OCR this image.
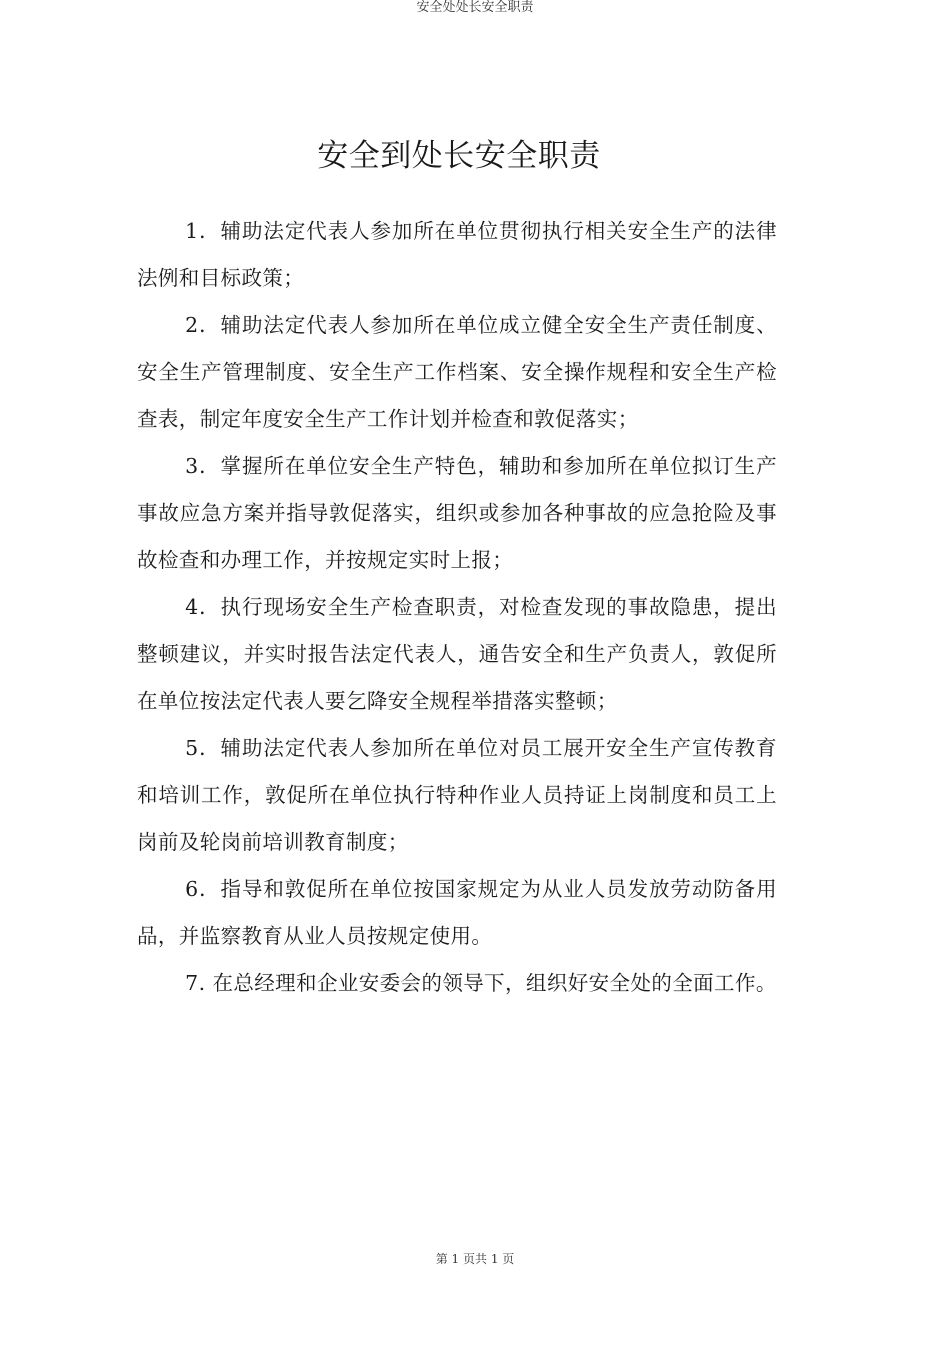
安全处处长安全职责
安全到处长安全职责

1．辅助法定代表人参加所在单位贯彻执行相关安全生产的法律法例和目标政策；

2．辅助法定代表人参加所在单位成立健全安全生产责任制度、安全生产管理制度、安全生产工作档案、安全操作规程和安全生产检查表，制定年度安全生产工作计划并检查和敦促落实；

3．掌握所在单位安全生产特色，辅助和参加所在单位拟订生产事故应急方案并指导敦促落实，组织或参加各种事故的应急抢险及事故检查和办理工作，并按规定实时上报；

4．执行现场安全生产检查职责，对检查发现的事故隐患，提出整顿建议，并实时报告法定代表人，通告安全和生产负责人，敦促所在单位按法定代表人要乞降安全规程举措落实整顿；

5．辅助法定代表人参加所在单位对员工展开安全生产宣传教育和培训工作，敦促所在单位执行特种作业人员持证上岗制度和员工上岗前及轮岗前培训教育制度；

6．指导和敦促所在单位按国家规定为从业人员发放劳动防备用品，并监察教育从业人员按规定使用。

7. 在总经理和企业安委会的领导下，组织好安全处的全面工作。

第 1 页共 1 页
